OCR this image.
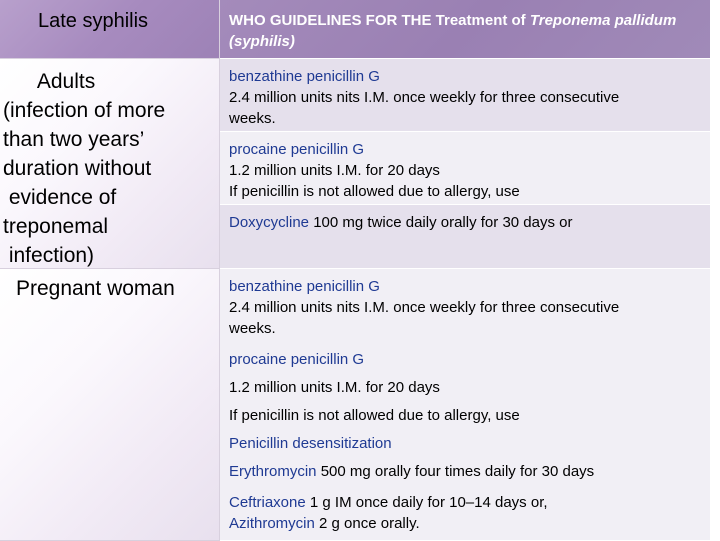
Late syphilis	WHO GUIDELINES FOR THE Treatment of Treponema pallidum (syphilis)
Adults
(infection of more
than two years’
duration without
evidence of
treponemal
infection)
benzathine penicillin G
2.4 million units nits I.M. once weekly for three consecutive
weeks.
procaine penicillin G
1.2 million units I.M. for 20 days
If penicillin is not allowed due to allergy, use
Doxycycline 100 mg twice daily orally for 30 days or
Pregnant woman	benzathine penicillin G
2.4 million units nits I.M. once weekly for three consecutive
weeks.
procaine penicillin G
1.2 million units I.M. for 20 days
If penicillin is not allowed due to allergy, use
Penicillin desensitization
Erythromycin 500 mg orally four times daily for 30 days
Ceftriaxone 1 g IM once daily for 10–14 days or,
Azithromycin 2 g once orally.
